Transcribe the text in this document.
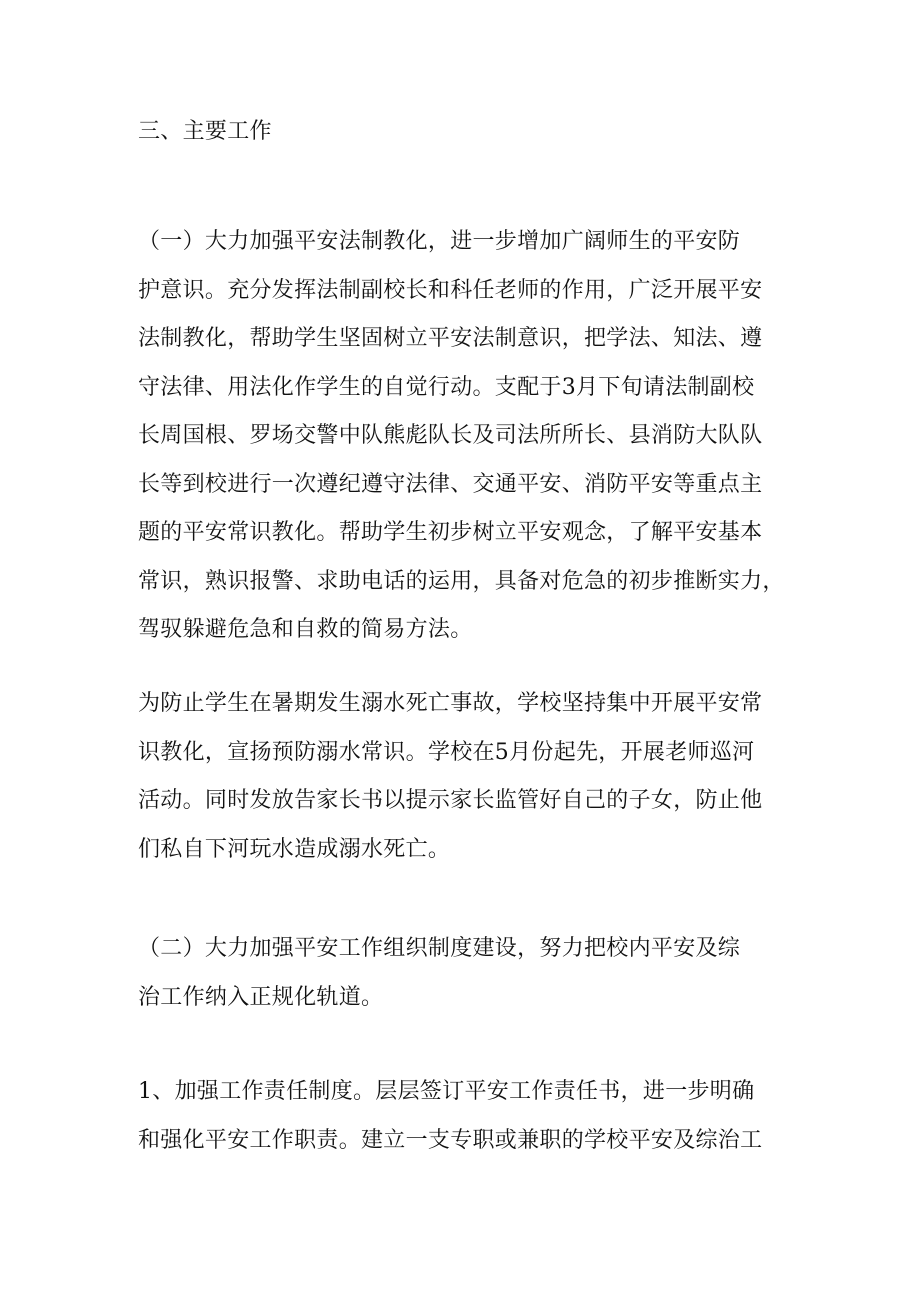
三、主要工作
（一）大力加强平安法制教化，进一步增加广阔师生的平安防
护意识。充分发挥法制副校长和科任老师的作用，广泛开展平安
法制教化，帮助学生坚固树立平安法制意识，把学法、知法、遵
守法律、用法化作学生的自觉行动。支配于3月下旬请法制副校
长周国根、罗场交警中队熊彪队长及司法所所长、县消防大队队
长等到校进行一次遵纪遵守法律、交通平安、消防平安等重点主
题的平安常识教化。帮助学生初步树立平安观念，了解平安基本
常识，熟识报警、求助电话的运用，具备对危急的初步推断实力，
驾驭躲避危急和自救的简易方法。
为防止学生在暑期发生溺水死亡事故，学校坚持集中开展平安常
识教化，宣扬预防溺水常识。学校在5月份起先，开展老师巡河
活动。同时发放告家长书以提示家长监管好自己的子女，防止他
们私自下河玩水造成溺水死亡。
（二）大力加强平安工作组织制度建设，努力把校内平安及综
治工作纳入正规化轨道。
1、加强工作责任制度。层层签订平安工作责任书，进一步明确
和强化平安工作职责。建立一支专职或兼职的学校平安及综治工
